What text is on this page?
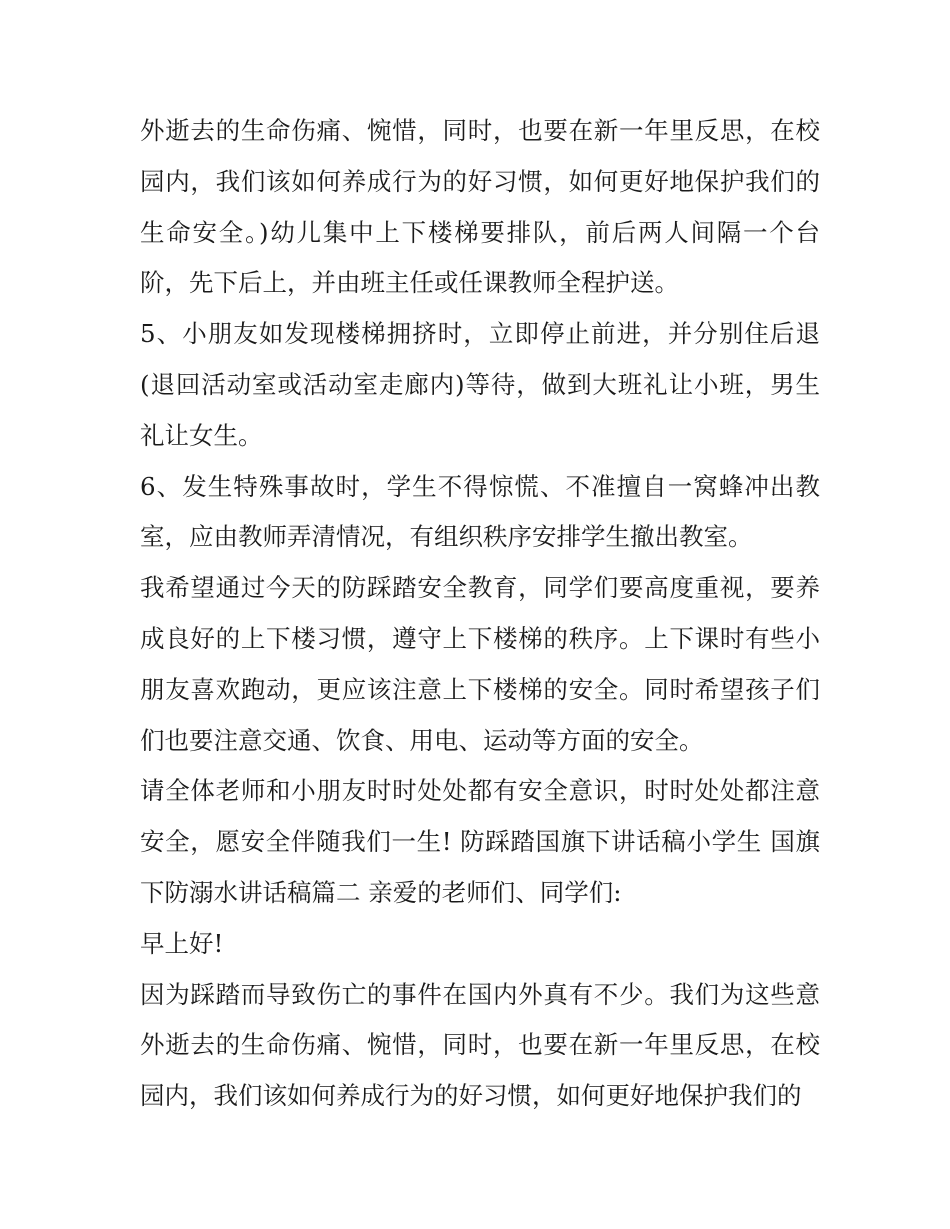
外逝去的生命伤痛、惋惜，同时，也要在新一年里反思，在校园内，我们该如何养成行为的好习惯，如何更好地保护我们的生命安全。)幼儿集中上下楼梯要排队，前后两人间隔一个台阶，先下后上，并由班主任或任课教师全程护送。

5、小朋友如发现楼梯拥挤时，立即停止前进，并分别住后退(退回活动室或活动室走廊内)等待，做到大班礼让小班，男生礼让女生。

6、发生特殊事故时，学生不得惊慌、不准擅自一窝蜂冲出教室，应由教师弄清情况，有组织秩序安排学生撤出教室。

我希望通过今天的防踩踏安全教育，同学们要高度重视，要养成良好的上下楼习惯，遵守上下楼梯的秩序。上下课时有些小朋友喜欢跑动，更应该注意上下楼梯的安全。同时希望孩子们们也要注意交通、饮食、用电、运动等方面的安全。

请全体老师和小朋友时时处处都有安全意识，时时处处都注意安全，愿安全伴随我们一生! 防踩踏国旗下讲话稿小学生 国旗下防溺水讲话稿篇二 亲爱的老师们、同学们:

早上好!

因为踩踏而导致伤亡的事件在国内外真有不少。我们为这些意外逝去的生命伤痛、惋惜，同时，也要在新一年里反思，在校园内，我们该如何养成行为的好习惯，如何更好地保护我们的
